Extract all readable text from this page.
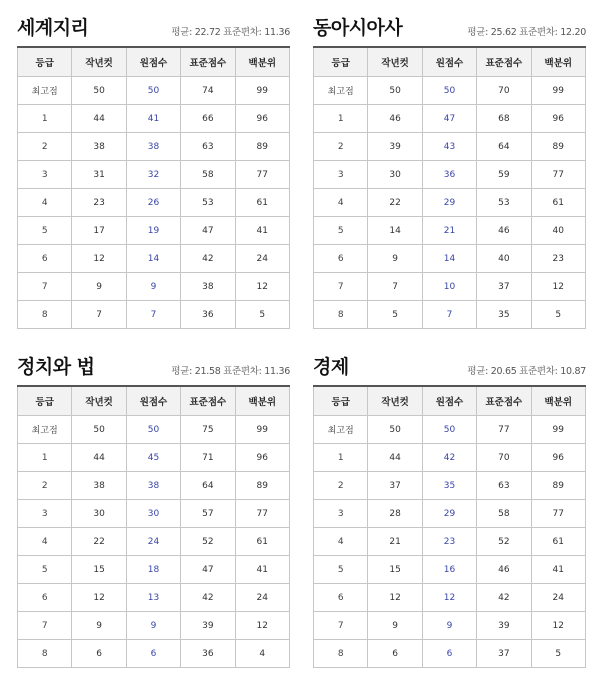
세계지리	평균: 22.72 표준편차: 11.36
등급	작년컷	원점수	표준점수	백분위
최고점	50	50	74	99
1	44	41	66	96
2	38	38	63	89
3	31	32	58	77
4	23	26	53	61
5	17	19	47	41
6	12	14	42	24
7	9	9	38	12
8	7	7	36	5
동아시아사	평균: 25.62 표준편차: 12.20
등급	작년컷	원점수	표준점수	백분위
최고점	50	50	70	99
1	46	47	68	96
2	39	43	64	89
3	30	36	59	77
4	22	29	53	61
5	14	21	46	40
6	9	14	40	23
7	7	10	37	12
8	5	7	35	5
정치와 법	평균: 21.58 표준편차: 11.36
등급	작년컷	원점수	표준점수	백분위
최고점	50	50	75	99
1	44	45	71	96
2	38	38	64	89
3	30	30	57	77
4	22	24	52	61
5	15	18	47	41
6	12	13	42	24
7	9	9	39	12
8	6	6	36	4
경제	평균: 20.65 표준편차: 10.87
등급	작년컷	원점수	표준점수	백분위
최고점	50	50	77	99
1	44	42	70	96
2	37	35	63	89
3	28	29	58	77
4	21	23	52	61
5	15	16	46	41
6	12	12	42	24
7	9	9	39	12
8	6	6	37	5
